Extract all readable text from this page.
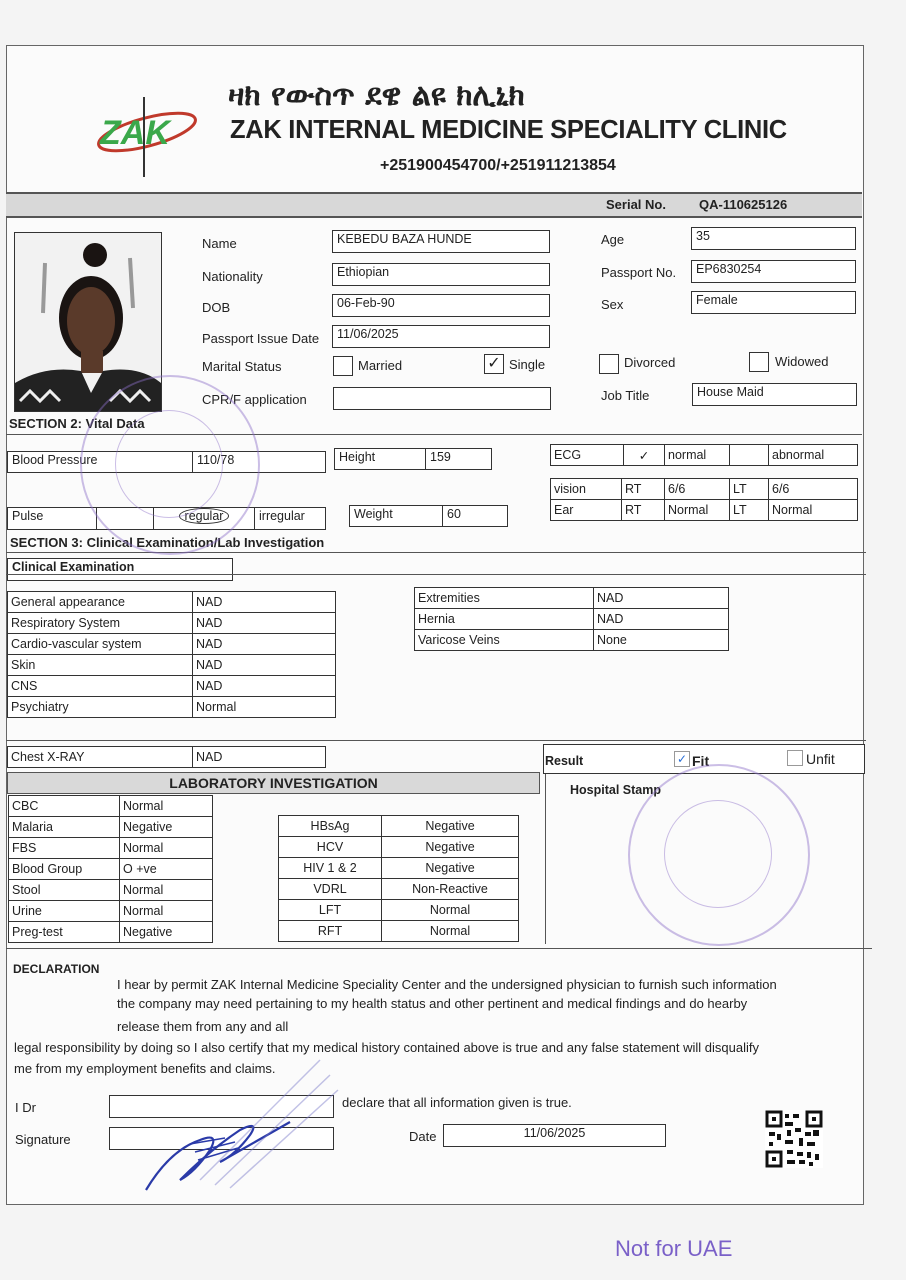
ZAK
ዛክ የውስጥ ደዌ ልዩ ክሊኒክ
ZAK INTERNAL MEDICINE SPECIALITY CLINIC
+251900454700/+251911213854
Serial No.	QA-110625126
Name	KEBEDU BAZA HUNDE
Nationality	Ethiopian
DOB	06-Feb-90
Passport Issue Date	11/06/2025
Marital Status	Married	✓ Single	Divorced	Widowed
CPR/F application
Age	35
Passport No.	EP6830254
Sex	Female
Job Title	House Maid
SECTION 2: Vital Data
Blood Pressure	110/78	Height	159
Pulse	regular	irregular	Weight	60
ECG	✓	normal		abnormal
vision	RT	6/6	LT	6/6
Ear	RT	Normal	LT	Normal
SECTION 3: Clinical Examination/Lab Investigation
Clinical Examination
General appearance	NAD
Respiratory System	NAD
Cardio-vascular system	NAD
Skin	NAD
CNS	NAD
Psychiatry	Normal
Extremities	NAD
Hernia	NAD
Varicose Veins	None
Chest X-RAY	NAD	Result	✓ Fit	Unfit
Hospital Stamp
LABORATORY INVESTIGATION
CBC	Normal
Malaria	Negative
FBS	Normal
Blood Group	O +ve
Stool	Normal
Urine	Normal
Preg-test	Negative
HBsAg	Negative
HCV	Negative
HIV 1 & 2	Negative
VDRL	Non-Reactive
LFT	Normal
RFT	Normal
DECLARATION
I hear by permit ZAK Internal Medicine Speciality Center and the undersigned physician to furnish such information
the company may need pertaining to my health status and other pertinent and medical findings and do hearby
release them from any and all
legal responsibility by doing so I also certify that my medical history contained above is true and any false statement will disqualify
me from my employment benefits and claims.
I Dr	declare that all information given is true.
Signature	Date	11/06/2025
Not for UAE
